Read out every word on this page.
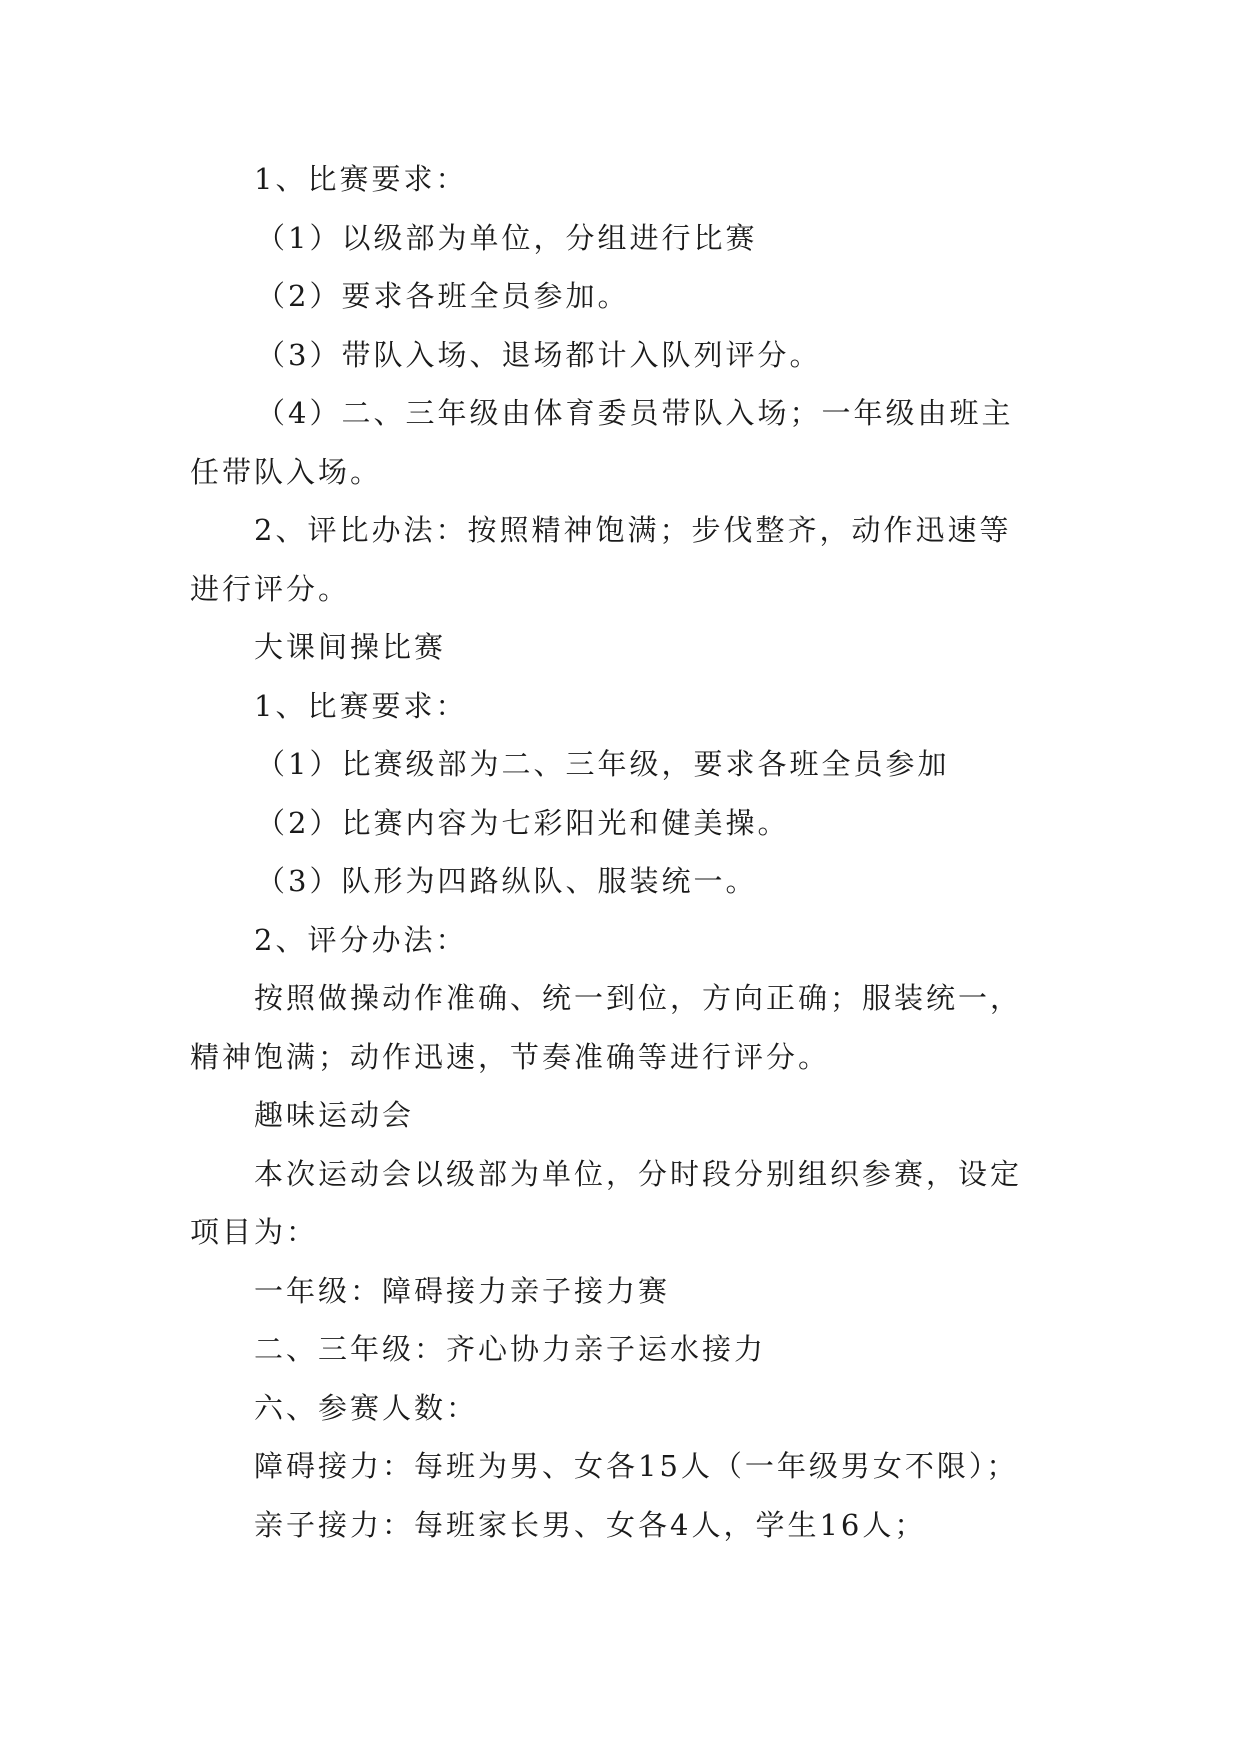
1、比赛要求：
（1）以级部为单位，分组进行比赛
（2）要求各班全员参加。
（3）带队入场、退场都计入队列评分。
（4）二、三年级由体育委员带队入场；一年级由班主
任带队入场。
2、评比办法：按照精神饱满；步伐整齐，动作迅速等
进行评分。
大课间操比赛
1、比赛要求：
（1）比赛级部为二、三年级，要求各班全员参加
（2）比赛内容为七彩阳光和健美操。
（3）队形为四路纵队、服装统一。
2、评分办法：
按照做操动作准确、统一到位，方向正确；服装统一，
精神饱满；动作迅速，节奏准确等进行评分。
趣味运动会
本次运动会以级部为单位，分时段分别组织参赛，设定
项目为：
一年级：障碍接力亲子接力赛
二、三年级：齐心协力亲子运水接力
六、参赛人数：
障碍接力：每班为男、女各15人（一年级男女不限）；
亲子接力：每班家长男、女各4人，学生16人；
